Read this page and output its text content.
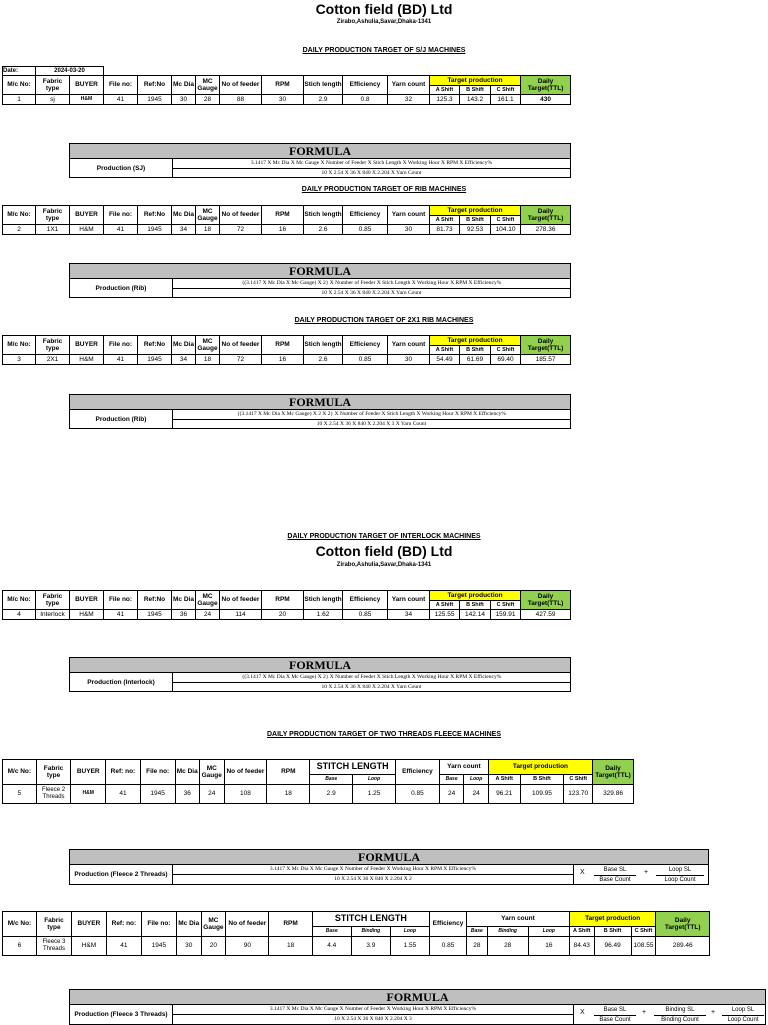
Cotton field (BD) Ltd
Zirabo,Ashulia,Savar,Dhaka-1341
DAILY PRODUCTION TARGET OF S/J MACHINES
Date:	2024-03-20
M/c No:	Fabric type	BUYER	File no:	Ref:No	Mc Dia	MC Gauge	No of feeder	RPM	Stich length	Efficiency	Yarn count	Target production			Daily Target(TTL)
												A Shift	B Shift	C Shift	
1	sj	H&M	41	1945	30	28	88	30	2.9	0.8	32	125.3	143.2	161.1	430
FORMULA
Production (SJ)
3.1417 X Mc Dia X Mc Gauge X Number of Feeder X Stich Length X Working Hour X RPM X Efficiency%
10 X 2.54 X 36 X 840 X 2.204 X Yarn Count
DAILY PRODUCTION TARGET OF RIB MACHINES
M/c No:	Fabric type	BUYER	File no:	Ref:No	Mc Dia	MC Gauge	No of feeder	RPM	Stich length	Efficiency	Yarn count	Target production			Daily Target(TTL)
												A Shift	B Shift	C Shift	
2	1X1	H&M	41	1945	34	18	72	16	2.6	0.85	30	81.73	92.53	104.10	278.36
FORMULA
Production (Rib)
{(3.1417 X Mc Dia X Mc Gauge) X 2} X Number of Feeder X Stich Length X Working Hour X RPM X Efficiency%
10 X 2.54 X 36 X 840 X 2.204 X Yarn Count
DAILY PRODUCTION TARGET OF 2X1 RIB MACHINES
M/c No:	Fabric type	BUYER	File no:	Ref:No	Mc Dia	MC Gauge	No of feeder	RPM	Stich length	Efficiency	Yarn count	Target production			Daily Target(TTL)
												A Shift	B Shift	C Shift	
3	2X1	H&M	41	1945	34	18	72	16	2.6	0.85	30	54.49	61.69	69.40	185.57
FORMULA
Production (Rib)
{(3.1417 X Mc Dia X Mc Gauge) X 2 X 2} X Number of Feeder X Stich Length X Working Hour X RPM X Efficiency%
10 X 2.54 X 36 X 840 X 2.204 X 3 X Yarn Count
DAILY PRODUCTION TARGET OF INTERLOCK MACHINES
Cotton field (BD) Ltd
Zirabo,Ashulia,Savar,Dhaka-1341
M/c No:	Fabric type	BUYER	File no:	Ref:No	Mc Dia	MC Gauge	No of feeder	RPM	Stich length	Efficiency	Yarn count	Target production			Daily Target(TTL)
												A Shift	B Shift	C Shift	
4	Interlock	H&M	41	1945	36	24	114	20	1.62	0.85	34	125.55	142.14	159.91	427.59
FORMULA
Production (Interlock)
{(3.1417 X Mc Dia X Mc Gauge) X 2} X Number of Feeder X Stich Length X Working Hour X RPM X Efficiency%
10 X 2.54 X 36 X 840 X 2.204 X Yarn Count
DAILY PRODUCTION TARGET OF TWO THREADS FLEECE MACHINES
M/c No:	Fabric type	BUYER	Ref: no:	File no:	Mc Dia	MC Gauge	No of feeder	RPM	STITCH LENGTH		Efficiency	Yarn count		Target production			Daily Target(TTL)
									Base	Loop		Base	Loop	A Shift	B Shift	C Shift	
5	Fleece 2 Threads	H&M	41	1945	36	24	108	18	2.9	1.25	0.85	24	24	96.21	109.95	123.70	329.86
FORMULA
Production (Fleece 2 Threads)
3.1417 X Mc Dia X Mc Gauge X Number of Feeder X Working Hour X RPM X Efficiency%
10 X 2.54 X 36 X 840 X 2.204 X 2
X	Base SL
Base Count
+	Loop SL
Loop Count
M/c No:	Fabric type	BUYER	Ref: no:	File no:	Mc Dia	MC Gauge	No of feeder	RPM	STITCH LENGTH			Efficiency	Yarn count			Target production			Daily Target(TTL)
									Base	Binding	Loop		Base	Binding	Loop	A Shift	B Shift	C Shift	
6	Fleece 3 Threads	H&M	41	1945	30	20	90	18	4.4	3.9	1.55	0.85	28	28	16	84.43	96.49	108.55	289.46
FORMULA
Production (Fleece 3 Threads)
3.1417 X Mc Dia X Mc Gauge X Number of Feeder X Working Hour X RPM X Efficiency%
10 X 2.54 X 36 X 840 X 2.204 X 3
X	Base SL
Base Count
+	Binding SL
Binding Count
+	Loop SL
Loop Count
